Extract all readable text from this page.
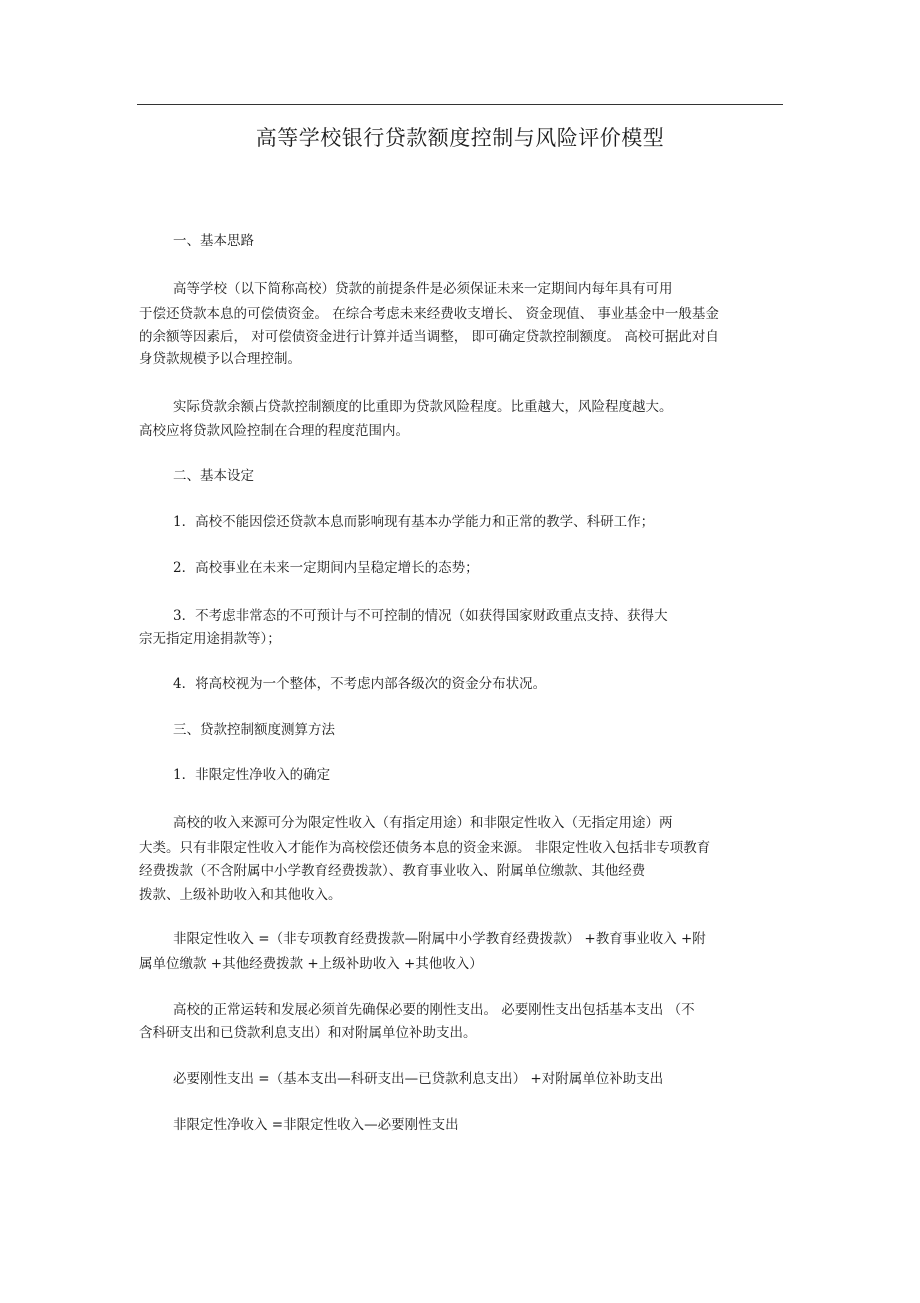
高等学校银行贷款额度控制与风险评价模型
一、基本思路
高等学校（以下简称高校）贷款的前提条件是必须保证未来一定期间内每年具有可用
于偿还贷款本息的可偿债资金。 在综合考虑未来经费收支增长、 资金现值、 事业基金中一般基金
的余额等因素后， 对可偿债资金进行计算并适当调整， 即可确定贷款控制额度。 高校可据此对自
身贷款规模予以合理控制。
实际贷款余额占贷款控制额度的比重即为贷款风险程度。比重越大，风险程度越大。
高校应将贷款风险控制在合理的程度范围内。
二、基本设定
1．高校不能因偿还贷款本息而影响现有基本办学能力和正常的教学、科研工作；
2．高校事业在未来一定期间内呈稳定增长的态势；
3．不考虑非常态的不可预计与不可控制的情况（如获得国家财政重点支持、获得大
宗无指定用途捐款等）；
4．将高校视为一个整体，不考虑内部各级次的资金分布状况。
三、贷款控制额度测算方法
1．非限定性净收入的确定
高校的收入来源可分为限定性收入（有指定用途）和非限定性收入（无指定用途）两
大类。只有非限定性收入才能作为高校偿还债务本息的资金来源。 非限定性收入包括非专项教育
经费拨款（不含附属中小学教育经费拨款）、教育事业收入、附属单位缴款、其他经费
拨款、上级补助收入和其他收入。
非限定性收入 =（非专项教育经费拨款—附属中小学教育经费拨款） +教育事业收入 +附
属单位缴款 +其他经费拨款 +上级补助收入 +其他收入）
高校的正常运转和发展必须首先确保必要的刚性支出。 必要刚性支出包括基本支出 （不
含科研支出和已贷款利息支出）和对附属单位补助支出。
必要刚性支出 =（基本支出—科研支出—已贷款利息支出） +对附属单位补助支出
非限定性净收入 =非限定性收入—必要刚性支出
